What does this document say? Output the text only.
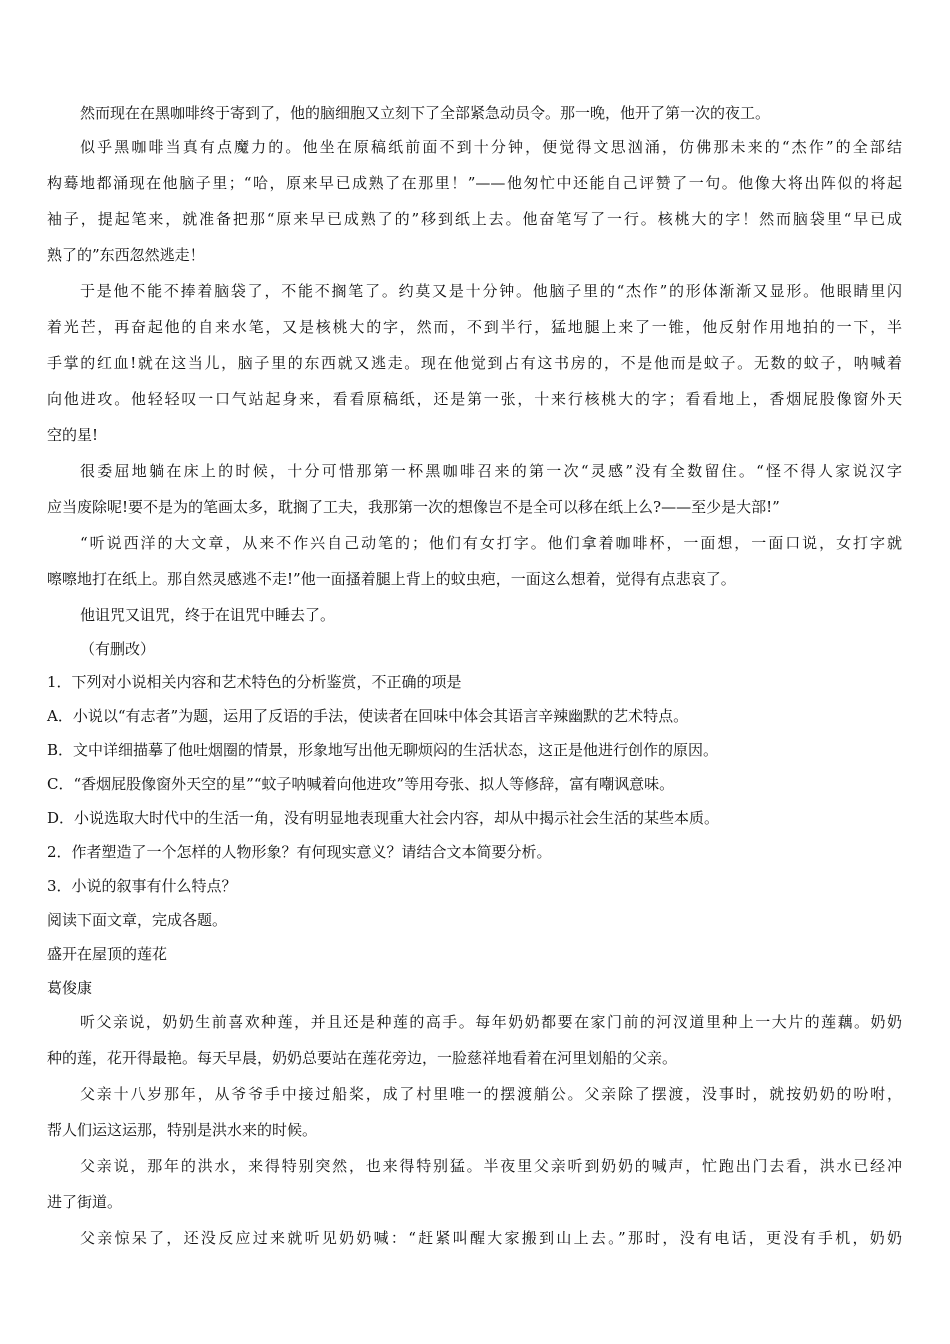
然而现在在黑咖啡终于寄到了，他的脑细胞又立刻下了全部紧急动员令。那一晚，他开了第一次的夜工。
似乎黑咖啡当真有点魔力的。他坐在原稿纸前面不到十分钟，便觉得文思汹涌，仿佛那未来的“杰作”的全部结
构蓦地都涌现在他脑子里；“哈，原来早已成熟了在那里！”——他匆忙中还能自己评赞了一句。他像大将出阵似的将起
袖子，提起笔来，就准备把那“原来早已成熟了的”移到纸上去。他奋笔写了一行。核桃大的字！然而脑袋里“早已成
熟了的”东西忽然逃走！
于是他不能不捧着脑袋了，不能不搁笔了。约莫又是十分钟。他脑子里的“杰作”的形体渐渐又显形。他眼睛里闪
着光芒，再奋起他的自来水笔，又是核桃大的字，然而，不到半行，猛地腿上来了一锥，他反射作用地拍的一下，半
手掌的红血!就在这当儿，脑子里的东西就又逃走。现在他觉到占有这书房的，不是他而是蚊子。无数的蚊子，呐喊着
向他进攻。他轻轻叹一口气站起身来，看看原稿纸，还是第一张，十来行核桃大的字；看看地上，香烟屁股像窗外天
空的星!
很委屈地躺在床上的时候，十分可惜那第一杯黑咖啡召来的第一次“灵感”没有全数留住。“怪不得人家说汉字
应当废除呢!要不是为的笔画太多，耽搁了工夫，我那第一次的想像岂不是全可以移在纸上么?——至少是大部!”
“听说西洋的大文章，从来不作兴自己动笔的；他们有女打字。他们拿着咖啡杯，一面想，一面口说，女打字就
嚓嚓地打在纸上。那自然灵感逃不走!”他一面搔着腿上背上的蚊虫疤，一面这么想着，觉得有点悲哀了。
他诅咒又诅咒，终于在诅咒中睡去了。
（有删改）
1．下列对小说相关内容和艺术特色的分析鉴赏，不正确的项是
A．小说以“有志者”为题，运用了反语的手法，使读者在回味中体会其语言辛辣幽默的艺术特点。
B．文中详细描摹了他吐烟圈的情景，形象地写出他无聊烦闷的生活状态，这正是他进行创作的原因。
C．“香烟屁股像窗外天空的星”“蚊子呐喊着向他进攻”等用夸张、拟人等修辞，富有嘲讽意味。
D．小说选取大时代中的生活一角，没有明显地表现重大社会内容，却从中揭示社会生活的某些本质。
2．作者塑造了一个怎样的人物形象？有何现实意义？请结合文本简要分析。
3．小说的叙事有什么特点？
阅读下面文章，完成各题。
盛开在屋顶的莲花
葛俊康
听父亲说，奶奶生前喜欢种莲，并且还是种莲的高手。每年奶奶都要在家门前的河汊道里种上一大片的莲藕。奶奶
种的莲，花开得最艳。每天早晨，奶奶总要站在莲花旁边，一脸慈祥地看着在河里划船的父亲。
父亲十八岁那年，从爷爷手中接过船桨，成了村里唯一的摆渡艄公。父亲除了摆渡，没事时，就按奶奶的吩咐，
帮人们运这运那，特别是洪水来的时候。
父亲说，那年的洪水，来得特别突然，也来得特别猛。半夜里父亲听到奶奶的喊声，忙跑出门去看，洪水已经冲
进了街道。
父亲惊呆了，还没反应过来就听见奶奶喊：“赶紧叫醒大家搬到山上去。”那时，没有电话，更没有手机，奶奶
